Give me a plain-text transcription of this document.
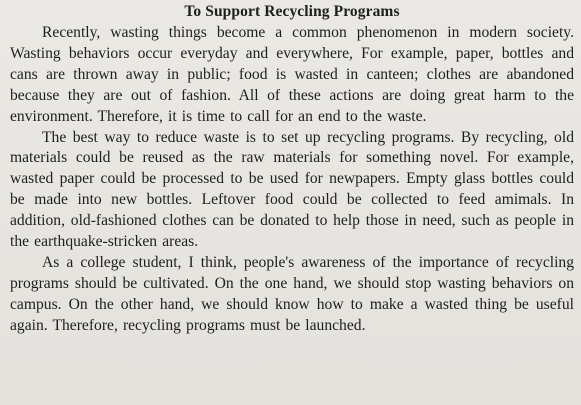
To Support Recycling Programs

Recently, wasting things become a common phenomenon in modern society. Wasting behaviors occur everyday and everywhere, For example, paper, bottles and cans are thrown away in public; food is wasted in canteen; clothes are abandoned because they are out of fashion. All of these actions are doing great harm to the environment. Therefore, it is time to call for an end to the waste.

The best way to reduce waste is to set up recycling programs. By recycling, old materials could be reused as the raw materials for something novel. For example, wasted paper could be processed to be used for newpapers. Empty glass bottles could be made into new bottles. Leftover food could be collected to feed amimals. In addition, old-fashioned clothes can be donated to help those in need, such as people in the earthquake-stricken areas.

As a college student, I think, people's awareness of the importance of recycling programs should be cultivated. On the one hand, we should stop wasting behaviors on campus. On the other hand, we should know how to make a wasted thing be useful again. Therefore, recycling programs must be launched.
